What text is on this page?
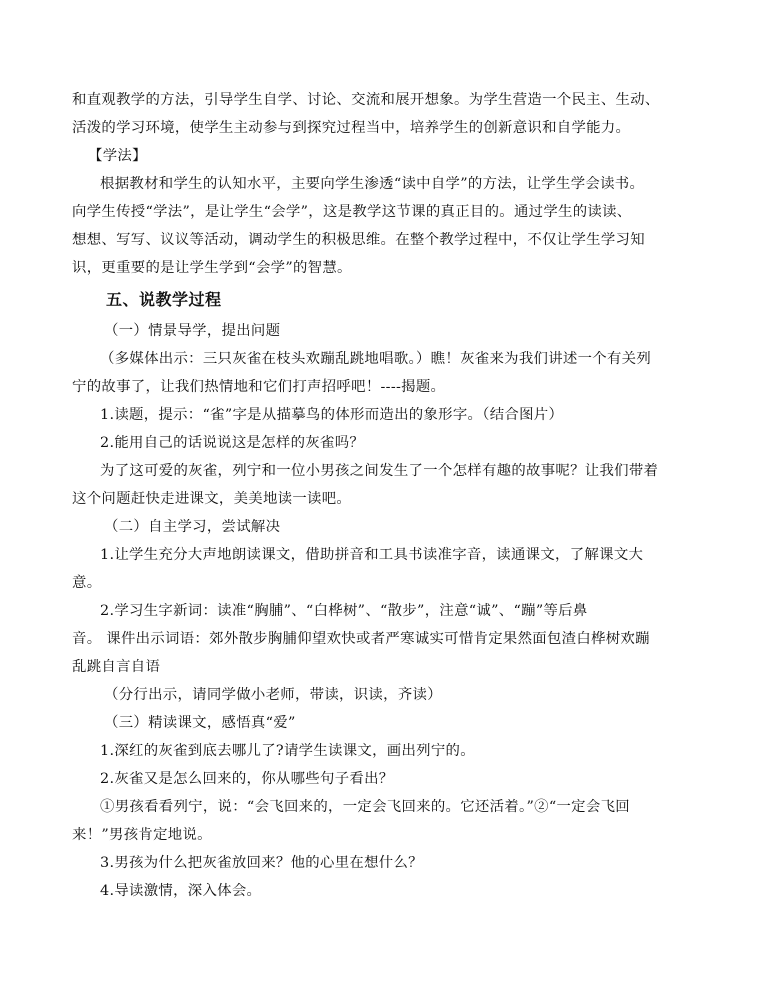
和直观教学的方法，引导学生自学、讨论、交流和展开想象。为学生营造一个民主、生动、
活泼的学习环境，使学生主动参与到探究过程当中，培养学生的创新意识和自学能力。
【学法】
根据教材和学生的认知水平，主要向学生渗透“读中自学”的方法，让学生学会读书。
向学生传授“学法”，是让学生“会学”，这是教学这节课的真正目的。通过学生的读读、
想想、写写、议议等活动，调动学生的积极思维。在整个教学过程中，不仅让学生学习知
识，更重要的是让学生学到“会学”的智慧。
五、说教学过程
（一）情景导学，提出问题
（多媒体出示：三只灰雀在枝头欢蹦乱跳地唱歌。）瞧！灰雀来为我们讲述一个有关列
宁的故事了，让我们热情地和它们打声招呼吧！----揭题。
1.读题，提示：“雀”字是从描摹鸟的体形而造出的象形字。（结合图片）
2.能用自己的话说说这是怎样的灰雀吗？
为了这可爱的灰雀，列宁和一位小男孩之间发生了一个怎样有趣的故事呢？让我们带着
这个问题赶快走进课文，美美地读一读吧。
（二）自主学习，尝试解决
1.让学生充分大声地朗读课文，借助拼音和工具书读准字音，读通课文，了解课文大
意。
2.学习生字新词：读准“胸脯”、“白桦树”、“散步”，注意“诚”、“蹦”等后鼻
音。 课件出示词语：郊外散步胸脯仰望欢快或者严寒诚实可惜肯定果然面包渣白桦树欢蹦
乱跳自言自语
（分行出示，请同学做小老师，带读，识读，齐读）
（三）精读课文，感悟真“爱”
1.深红的灰雀到底去哪儿了?请学生读课文，画出列宁的。
2.灰雀又是怎么回来的，你从哪些句子看出？
①男孩看看列宁，说：“会飞回来的，一定会飞回来的。它还活着。”②“一定会飞回
来！”男孩肯定地说。
3.男孩为什么把灰雀放回来？他的心里在想什么？
4.导读激情，深入体会。
